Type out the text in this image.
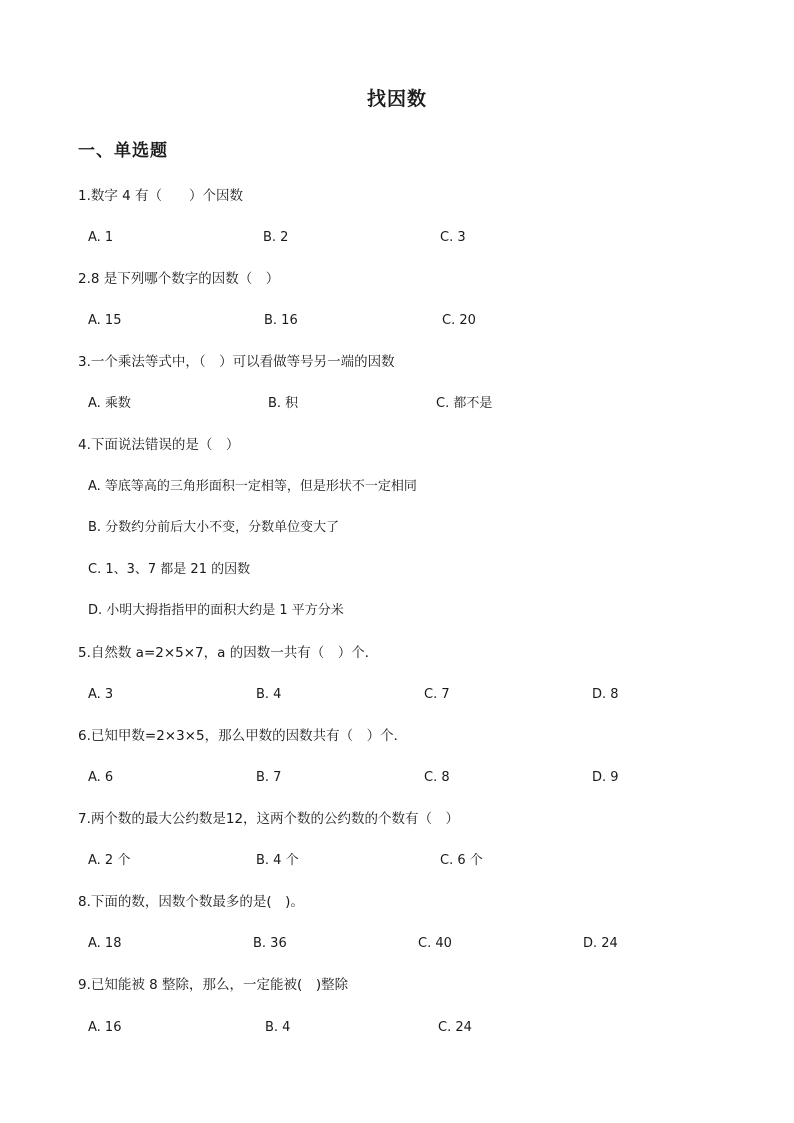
找因数
一、单选题
1.数字 4 有（　　）个因数
A. 1	B. 2	C. 3
2.8 是下列哪个数字的因数（　）
A. 15	B. 16	C. 20
3.一个乘法等式中，（　）可以看做等号另一端的因数
A. 乘数	B. 积	C. 都不是
4.下面说法错误的是（　）
A. 等底等高的三角形面积一定相等，但是形状不一定相同
B. 分数约分前后大小不变，分数单位变大了
C. 1、3、7 都是 21 的因数
D. 小明大拇指指甲的面积大约是 1 平方分米
5.自然数 a=2×5×7，a 的因数一共有（　）个．
A. 3	B. 4	C. 7	D. 8
6.已知甲数=2×3×5，那么甲数的因数共有（　）个．
A. 6	B. 7	C. 8	D. 9
7.两个数的最大公约数是12，这两个数的公约数的个数有（　）
A. 2 个	B. 4 个	C. 6 个
8.下面的数，因数个数最多的是(　)。
A. 18	B. 36	C. 40	D. 24
9.已知能被 8 整除，那么，一定能被(　)整除
A. 16	B. 4	C. 24
